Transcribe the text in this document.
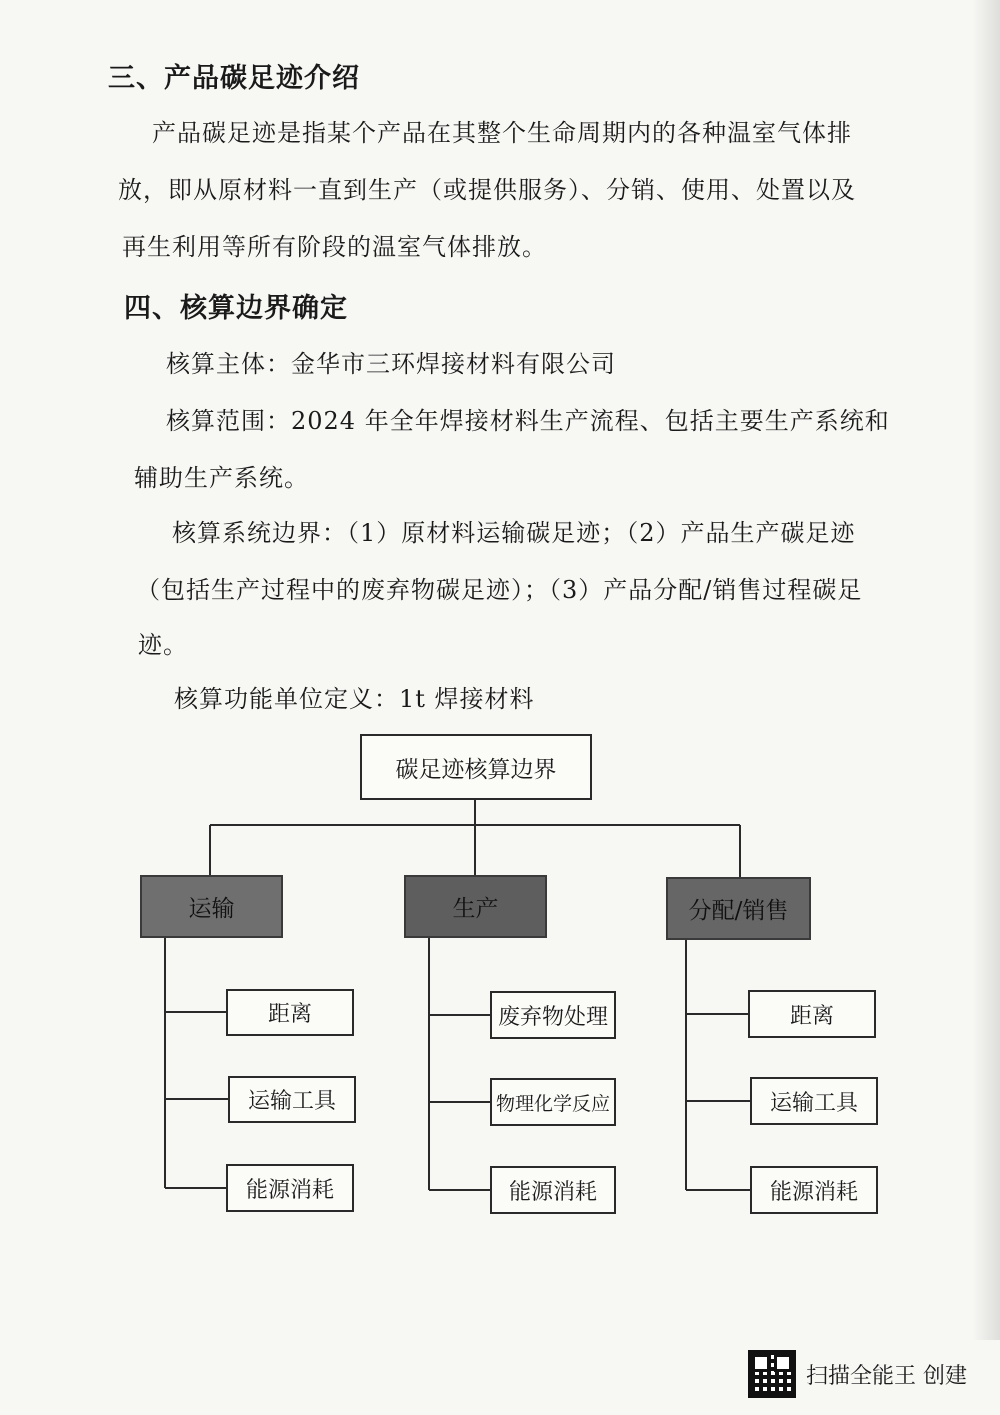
三、产品碳足迹介绍
产品碳足迹是指某个产品在其整个生命周期内的各种温室气体排
放，即从原材料一直到生产（或提供服务）、分销、使用、处置以及
再生利用等所有阶段的温室气体排放。
四、核算边界确定
核算主体：金华市三环焊接材料有限公司
核算范围：2024 年全年焊接材料生产流程、包括主要生产系统和
辅助生产系统。
核算系统边界：（1）原材料运输碳足迹；（2）产品生产碳足迹
（包括生产过程中的废弃物碳足迹）；（3）产品分配/销售过程碳足
迹。
核算功能单位定义：1t 焊接材料
碳足迹核算边界
运输	生产	分配/销售
距离
运输工具
能源消耗
废弃物处理
物理化学反应
能源消耗
距离
运输工具
能源消耗
扫描全能王 创建
